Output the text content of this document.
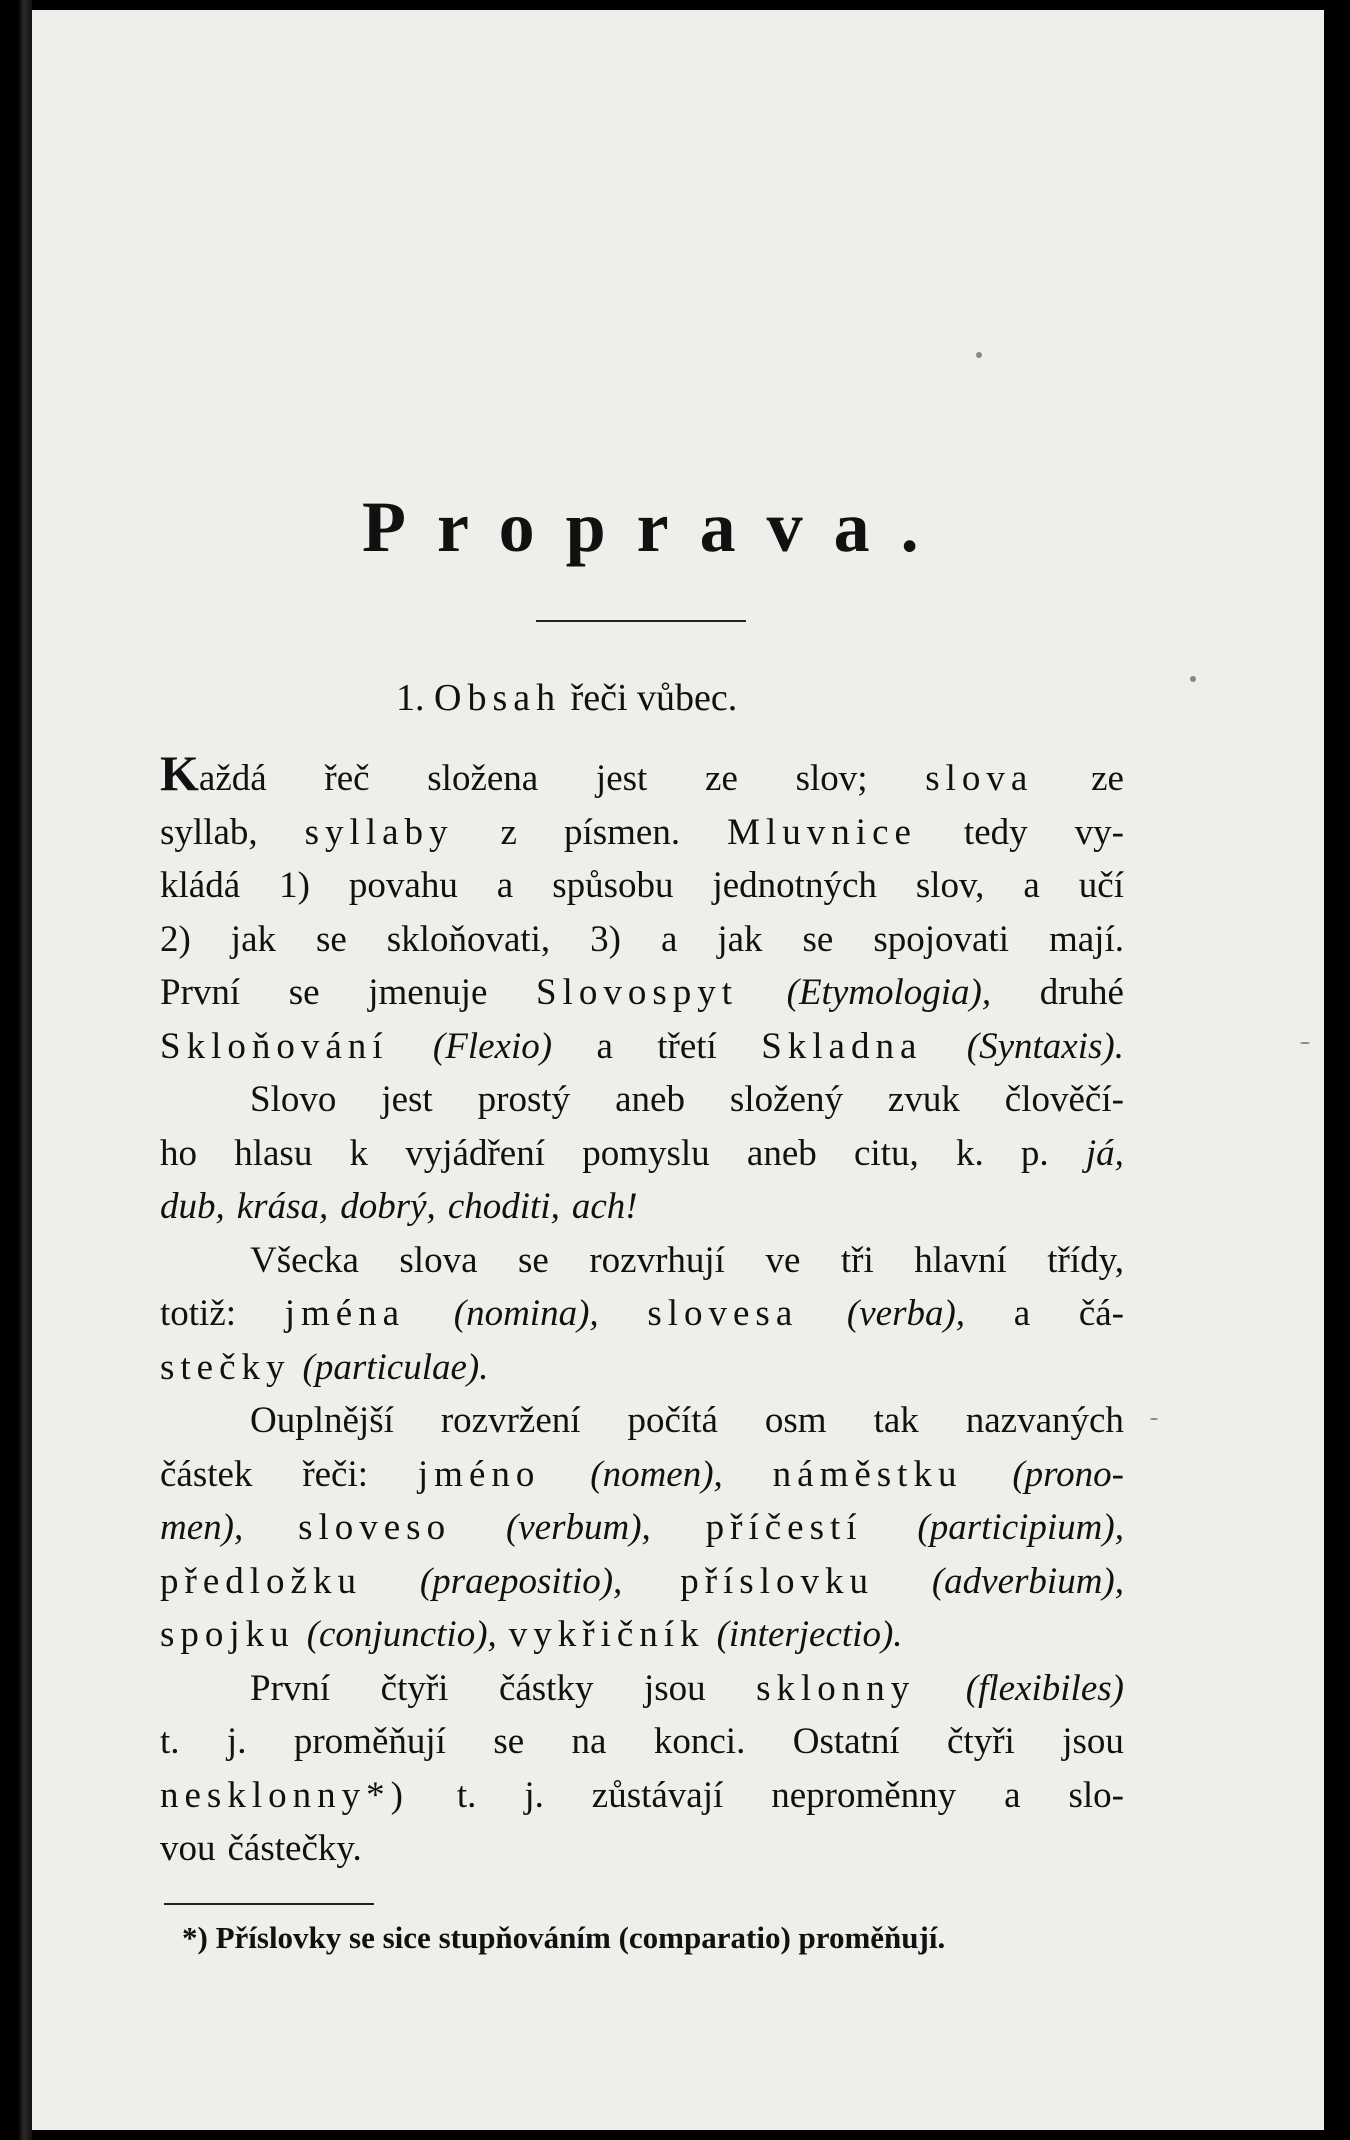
Proprava.
1. Obsah řeči vůbec.
Každá řeč složena jest ze slov; slova ze
syllab, syllaby z písmen. Mluvnice tedy vy-
kládá 1) povahu a spůsobu jednotných slov, a učí
2) jak se skloňovati, 3) a jak se spojovati mají.
První se jmenuje Slovospyt (Etymologia), druhé
Skloňování (Flexio) a třetí Skladna (Syntaxis).
Slovo jest prostý aneb složený zvuk člověčí-
ho hlasu k vyjádření pomyslu aneb citu, k. p. já,
dub, krása, dobrý, choditi, ach!
Všecka slova se rozvrhují ve tři hlavní třídy,
totiž: jména (nomina), slovesa (verba), a čá-
stečky (particulae).
Ouplnější rozvržení počítá osm tak nazvaných
částek řeči: jméno (nomen), náměstku (prono-
men), sloveso (verbum), příčestí (participium),
předložku (praepositio), příslovku (adverbium),
spojku (conjunctio), vykřičník (interjectio).
První čtyři částky jsou sklonny (flexibiles)
t. j. proměňují se na konci. Ostatní čtyři jsou
nesklonny*) t. j. zůstávají neproměnny a slo-
vou částečky.
*) Příslovky se sice stupňováním (comparatio) proměňují.
